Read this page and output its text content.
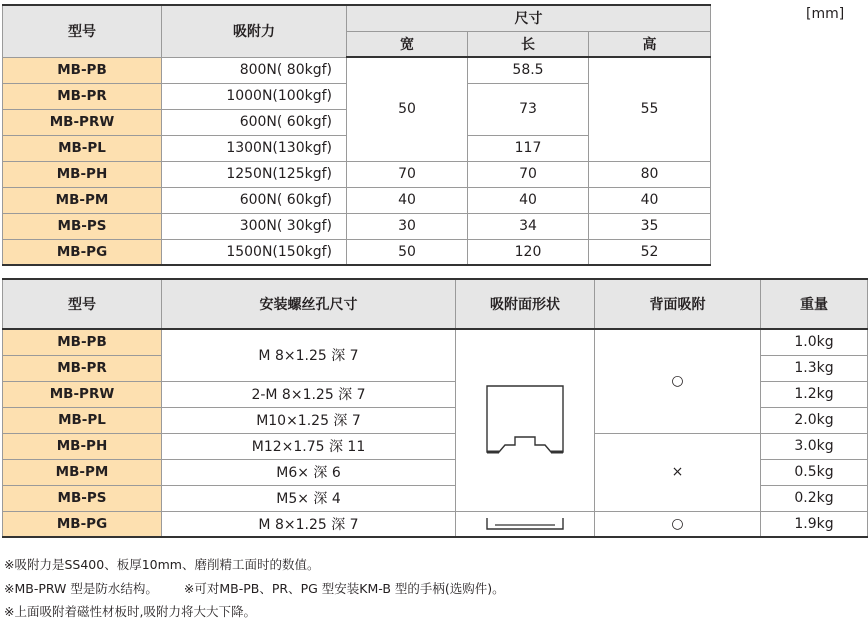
[mm]
型号	吸附力	尺寸		
		宽	长	高
MB-PB	800N( 80kgf)	50	58.5	55
MB-PR	1000N(100kgf)		73	
MB-PRW	600N( 60kgf)			
MB-PL	1300N(130kgf)		117	
MB-PH	1250N(125kgf)	70	70	80
MB-PM	600N( 60kgf)	40	40	40
MB-PS	300N( 30kgf)	30	34	35
MB-PG	1500N(150kgf)	50	120	52
型号	安装螺丝孔尺寸	吸附面形状	背面吸附	重量
MB-PB	M 8×1.25 深 7		○	1.0kg
MB-PR				1.3kg
MB-PRW	2-M 8×1.25 深 7			1.2kg
MB-PL	M10×1.25 深 7			2.0kg
MB-PH	M12×1.75 深 11		×	3.0kg
MB-PM	M6× 深 6			0.5kg
MB-PS	M5× 深 4			0.2kg
MB-PG	M 8×1.25 深 7		○	1.9kg
※吸附力是SS400、板厚10mm、磨削精工面时的数值。
※MB-PRW 型是防水结构。 ※可对MB-PB、PR、PG 型安装KM-B 型的手柄(选购件)。
※上面吸附着磁性材板时,吸附力将大大下降。
